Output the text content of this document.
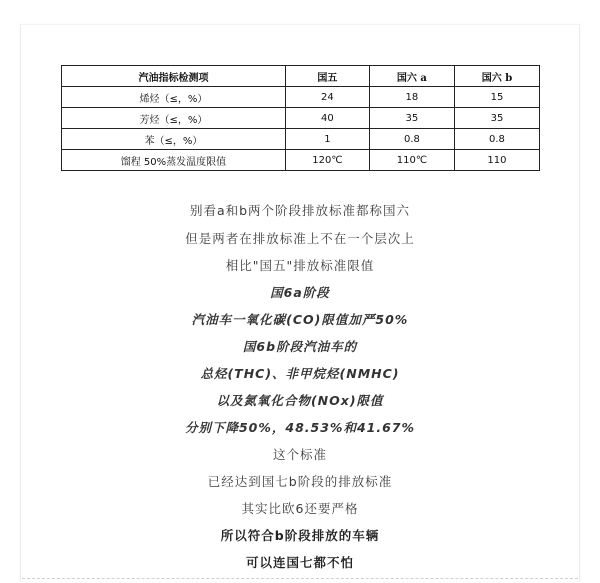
汽油指标检测项	国五	国六 a	国六 b
烯烃（≤，%）	24	18	15
芳烃（≤，%）	40	35	35
苯（≤，%）	1	0.8	0.8
馏程 50%蒸发温度限值	120℃	110℃	110
别看a和b两个阶段排放标准都称国六
但是两者在排放标准上不在一个层次上
相比"国五"排放标准限值
国6a阶段
汽油车一氧化碳(CO)限值加严50%
国6b阶段汽油车的
总烃(THC)、非甲烷烃(NMHC)
以及氮氧化合物(NOx)限值
分别下降50%，48.53%和41.67%
这个标准
已经达到国七b阶段的排放标准
其实比欧6还要严格
所以符合b阶段排放的车辆
可以连国七都不怕
